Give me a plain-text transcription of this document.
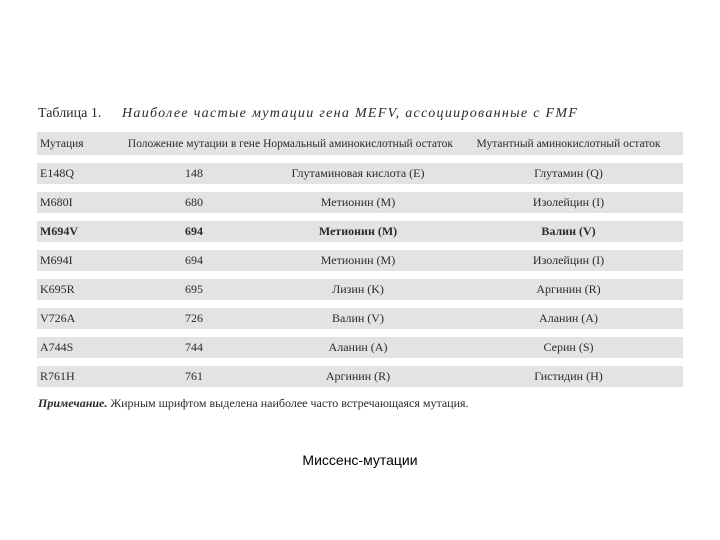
Таблица 1. Наиболее частые мутации гена MEFV, ассоциированные с FMF
Мутация	Положение мутации в гене	Нормальный аминокислотный остаток	Мутантный аминокислотный остаток
E148Q	148	Глутаминовая кислота (E)	Глутамин (Q)
M680I	680	Метионин (M)	Изолейцин (I)
M694V	694	Метионин (M)	Валин (V)
M694I	694	Метионин (M)	Изолейцин (I)
K695R	695	Лизин (K)	Аргинин (R)
V726A	726	Валин (V)	Аланин (A)
A744S	744	Аланин (A)	Серин (S)
R761H	761	Аргинин (R)	Гистидин (H)
Примечание. Жирным шрифтом выделена наиболее часто встречающаяся мутация.
Миссенс-мутации
